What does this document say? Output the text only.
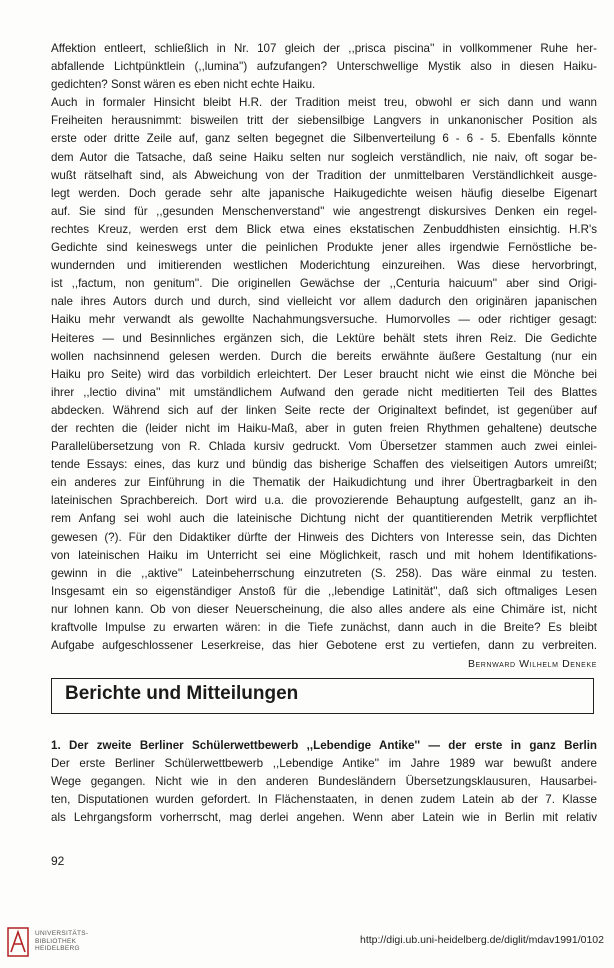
Affektion entleert, schließlich in Nr. 107 gleich der ,,prisca piscina'' in vollkommener Ruhe her-
abfallende Lichtpünktlein (,,lumina'') aufzufangen? Unterschwellige Mystik also in diesen Haiku-
gedichten? Sonst wären es eben nicht echte Haiku.
Auch in formaler Hinsicht bleibt H.R. der Tradition meist treu, obwohl er sich dann und wann
Freiheiten herausnimmt: bisweilen tritt der siebensilbige Langvers in unkanonischer Position als
erste oder dritte Zeile auf, ganz selten begegnet die Silbenverteilung 6 - 6 - 5. Ebenfalls könnte
dem Autor die Tatsache, daß seine Haiku selten nur sogleich verständlich, nie naiv, oft sogar be-
wußt rätselhaft sind, als Abweichung von der Tradition der unmittelbaren Verständlichkeit ausge-
legt werden. Doch gerade sehr alte japanische Haikugedichte weisen häufig dieselbe Eigenart
auf. Sie sind für ,,gesunden Menschenverstand'' wie angestrengt diskursives Denken ein regel-
rechtes Kreuz, werden erst dem Blick etwa eines ekstatischen Zenbuddhisten einsichtig. H.R's
Gedichte sind keineswegs unter die peinlichen Produkte jener alles irgendwie Fernöstliche be-
wundernden und imitierenden westlichen Moderichtung einzureihen. Was diese hervorbringt,
ist ,,factum, non genitum''. Die originellen Gewächse der ,,Centuria haicuum'' aber sind Origi-
nale ihres Autors durch und durch, sind vielleicht vor allem dadurch den originären japanischen
Haiku mehr verwandt als gewollte Nachahmungsversuche. Humorvolles — oder richtiger gesagt:
Heiteres — und Besinnliches ergänzen sich, die Lektüre behält stets ihren Reiz. Die Gedichte
wollen nachsinnend gelesen werden. Durch die bereits erwähnte äußere Gestaltung (nur ein
Haiku pro Seite) wird das vorbildich erleichtert. Der Leser braucht nicht wie einst die Mönche bei
ihrer ,,lectio divina'' mit umständlichem Aufwand den gerade nicht meditierten Teil des Blattes
abdecken. Während sich auf der linken Seite recte der Originaltext befindet, ist gegenüber auf
der rechten die (leider nicht im Haiku-Maß, aber in guten freien Rhythmen gehaltene) deutsche
Parallelübersetzung von R. Chlada kursiv gedruckt. Vom Übersetzer stammen auch zwei einlei-
tende Essays: eines, das kurz und bündig das bisherige Schaffen des vielseitigen Autors umreißt;
ein anderes zur Einführung in die Thematik der Haikudichtung und ihrer Übertragbarkeit in den
lateinischen Sprachbereich. Dort wird u.a. die provozierende Behauptung aufgestellt, ganz an ih-
rem Anfang sei wohl auch die lateinische Dichtung nicht der quantitierenden Metrik verpflichtet
gewesen (?). Für den Didaktiker dürfte der Hinweis des Dichters von Interesse sein, das Dichten
von lateinischen Haiku im Unterricht sei eine Möglichkeit, rasch und mit hohem Identifikations-
gewinn in die ,,aktive'' Lateinbeherrschung einzutreten (S. 258). Das wäre einmal zu testen.
Insgesamt ein so eigenständiger Anstoß für die ,,lebendige Latinität'', daß sich oftmaliges Lesen
nur lohnen kann. Ob von dieser Neuerscheinung, die also alles andere als eine Chimäre ist, nicht
kraftvolle Impulse zu erwarten wären: in die Tiefe zunächst, dann auch in die Breite? Es bleibt
Aufgabe aufgeschlossener Leserkreise, das hier Gebotene erst zu vertiefen, dann zu verbreiten.
Bernward Wilhelm Deneke
Berichte und Mitteilungen
1. Der zweite Berliner Schülerwettbewerb ,,Lebendige Antike'' — der erste in ganz Berlin
Der erste Berliner Schülerwettbewerb ,,Lebendige Antike'' im Jahre 1989 war bewußt andere
Wege gegangen. Nicht wie in den anderen Bundesländern Übersetzungsklausuren, Hausarbei-
ten, Disputationen wurden gefordert. In Flächenstaaten, in denen zudem Latein ab der 7. Klasse
als Lehrgangsform vorherrscht, mag derlei angehen. Wenn aber Latein wie in Berlin mit relativ
92
UNIVERSITÄTS-
BIBLIOTHEK
HEIDELBERG
http://digi.ub.uni-heidelberg.de/diglit/mdav1991/0102
